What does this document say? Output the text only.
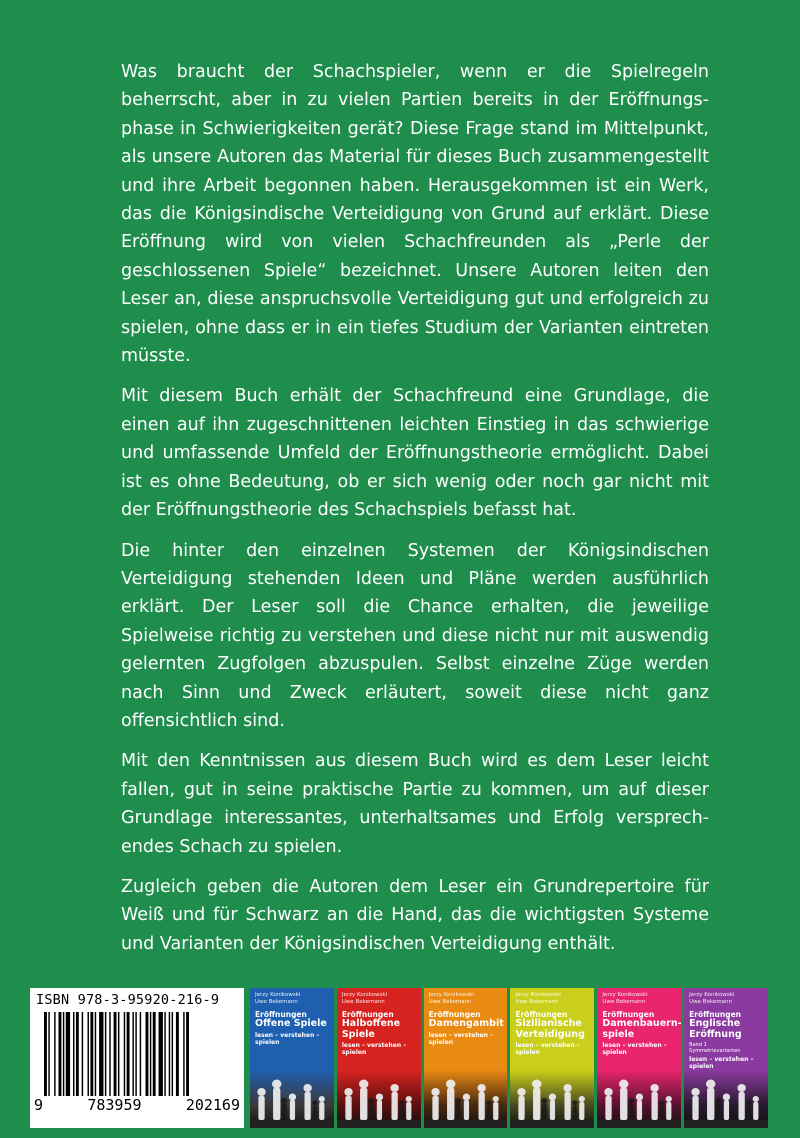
Was braucht der Schachspieler, wenn er die Spielregeln beherrscht, aber in zu vielen Partien bereits in der Eröffnungsphase in Schwierigkeiten gerät? Diese Frage stand im Mittelpunkt, als unsere Autoren das Material für dieses Buch zusammengestellt und ihre Arbeit begonnen haben. Herausgekommen ist ein Werk, das die Königsindische Verteidigung von Grund auf erklärt. Diese Eröffnung wird von vielen Schachfreunden als „Perle der geschlossenen Spiele“ bezeichnet. Unsere Autoren leiten den Leser an, diese anspruchsvolle Verteidigung gut und erfolgreich zu spielen, ohne dass er in ein tiefes Studium der Varianten eintreten müsste.

Mit diesem Buch erhält der Schachfreund eine Grundlage, die einen auf ihn zugeschnittenen leichten Einstieg in das schwierige und umfassende Umfeld der Eröffnungstheorie ermöglicht. Dabei ist es ohne Bedeutung, ob er sich wenig oder noch gar nicht mit der Eröffnungstheorie des Schachspiels befasst hat.

Die hinter den einzelnen Systemen der Königsindischen Verteidigung stehenden Ideen und Pläne werden ausführlich erklärt. Der Leser soll die Chance erhalten, die jeweilige Spielweise richtig zu verstehen und diese nicht nur mit auswendig gelernten Zugfolgen abzuspulen. Selbst einzelne Züge werden nach Sinn und Zweck erläutert, soweit diese nicht ganz offensichtlich sind.

Mit den Kenntnissen aus diesem Buch wird es dem Leser leicht fallen, gut in seine praktische Partie zu kommen, um auf dieser Grundlage interessantes, unterhaltsames und Erfolg versprechendes Schach zu spielen.

Zugleich geben die Autoren dem Leser ein Grundrepertoire für Weiß und für Schwarz an die Hand, das die wichtigsten Systeme und Varianten der Königsindischen Verteidigung enthält.

ISBN 978-3-95920-216-9
9	783959	202169
Jerzy Konikowski
Uwe Bekemann
Eröffnungen
Offene Spiele
lesen – verstehen – spielen
Jerzy Konikowski
Uwe Bekemann
Eröffnungen
Halboffene Spiele
lesen – verstehen – spielen
Jerzy Konikowski
Uwe Bekemann
Eröffnungen
Damengambit
lesen – verstehen – spielen
Jerzy Konikowski
Uwe Bekemann
Eröffnungen
Sizilianische Verteidigung
lesen – verstehen – spielen
Jerzy Konikowski
Uwe Bekemann
Eröffnungen
Damenbauern-spiele
lesen – verstehen – spielen
Jerzy Konikowski
Uwe Bekemann
Eröffnungen
Englische Eröffnung
Band 1
Symmetrievarianten
lesen – verstehen – spielen
